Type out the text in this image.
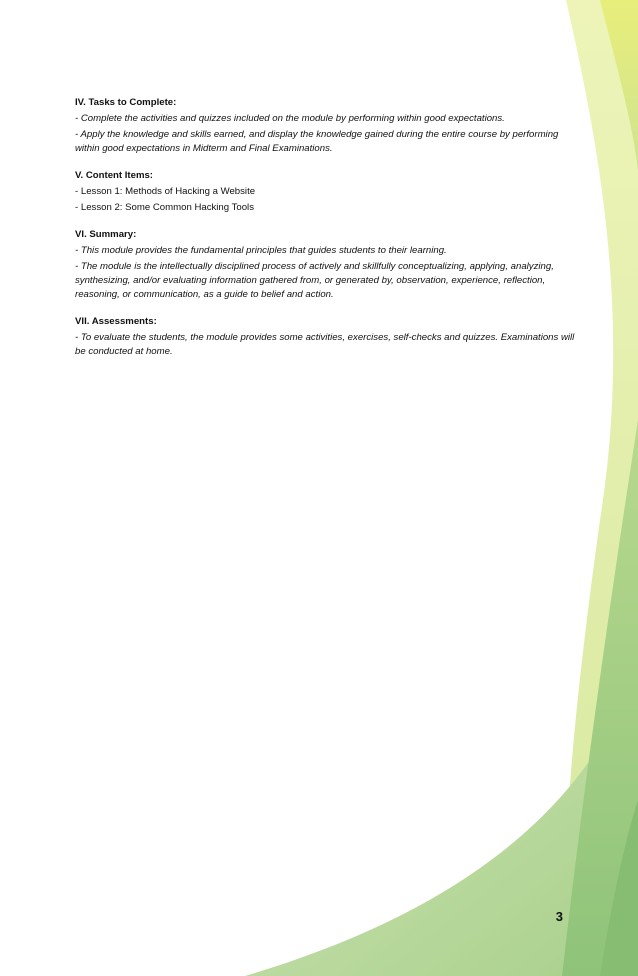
IV. Tasks to Complete:
- Complete the activities and quizzes included on the module by performing within good expectations.
- Apply the knowledge and skills earned, and display the knowledge gained during the entire course by performing within good expectations in Midterm and Final Examinations.
V. Content Items:
- Lesson 1: Methods of Hacking a Website
- Lesson 2: Some Common Hacking Tools
VI. Summary:
- This module provides the fundamental principles that guides students to their learning.
- The module is the intellectually disciplined process of actively and skillfully conceptualizing, applying, analyzing, synthesizing, and/or evaluating information gathered from, or generated by, observation, experience, reflection, reasoning, or communication, as a guide to belief and action.
VII. Assessments:
- To evaluate the students, the module provides some activities, exercises, self-checks and quizzes. Examinations will be conducted at home.
3
